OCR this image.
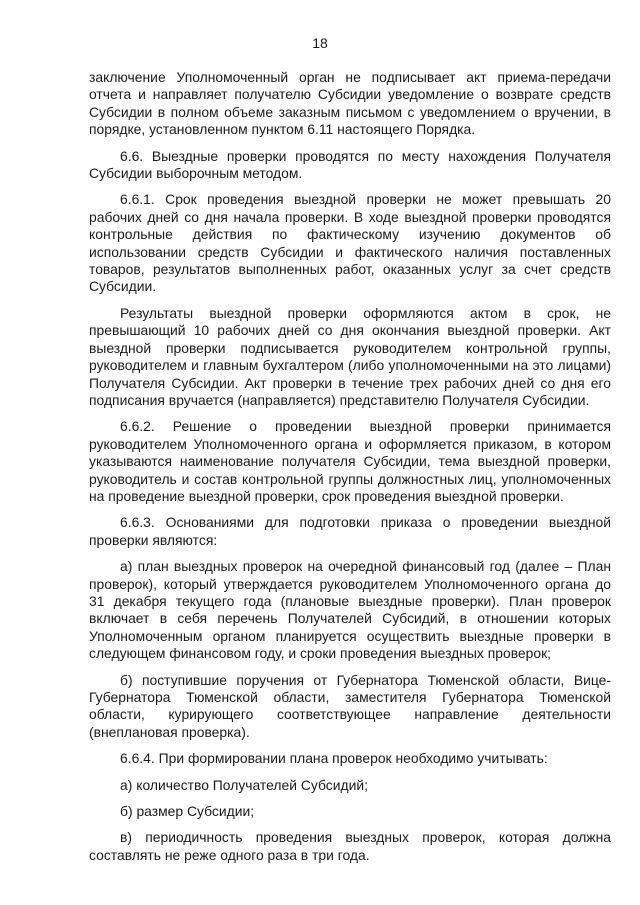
18

заключение Уполномоченный орган не подписывает акт приема-передачи отчета и направляет получателю Субсидии уведомление о возврате средств Субсидии в полном объеме заказным письмом с уведомлением о вручении, в порядке, установленном пунктом 6.11 настоящего Порядка.

6.6. Выездные проверки проводятся по месту нахождения Получателя Субсидии выборочным методом.

6.6.1. Срок проведения выездной проверки не может превышать 20 рабочих дней со дня начала проверки. В ходе выездной проверки проводятся контрольные действия по фактическому изучению документов об использовании средств Субсидии и фактического наличия поставленных товаров, результатов выполненных работ, оказанных услуг за счет средств Субсидии.

Результаты выездной проверки оформляются актом в срок, не превышающий 10 рабочих дней со дня окончания выездной проверки. Акт выездной проверки подписывается руководителем контрольной группы, руководителем и главным бухгалтером (либо уполномоченными на это лицами) Получателя Субсидии. Акт проверки в течение трех рабочих дней со дня его подписания вручается (направляется) представителю Получателя Субсидии.

6.6.2. Решение о проведении выездной проверки принимается руководителем Уполномоченного органа и оформляется приказом, в котором указываются наименование получателя Субсидии, тема выездной проверки, руководитель и состав контрольной группы должностных лиц, уполномоченных на проведение выездной проверки, срок проведения выездной проверки.

6.6.3. Основаниями для подготовки приказа о проведении выездной проверки являются:

а) план выездных проверок на очередной финансовый год (далее – План проверок), который утверждается руководителем Уполномоченного органа до 31 декабря текущего года (плановые выездные проверки). План проверок включает в себя перечень Получателей Субсидий, в отношении которых Уполномоченным органом планируется осуществить выездные проверки в следующем финансовом году, и сроки проведения выездных проверок;

б) поступившие поручения от Губернатора Тюменской области, Вице-Губернатора Тюменской области, заместителя Губернатора Тюменской области, курирующего соответствующее направление деятельности (внеплановая проверка).

6.6.4. При формировании плана проверок необходимо учитывать:

а) количество Получателей Субсидий;

б) размер Субсидии;

в) периодичность проведения выездных проверок, которая должна составлять не реже одного раза в три года.
